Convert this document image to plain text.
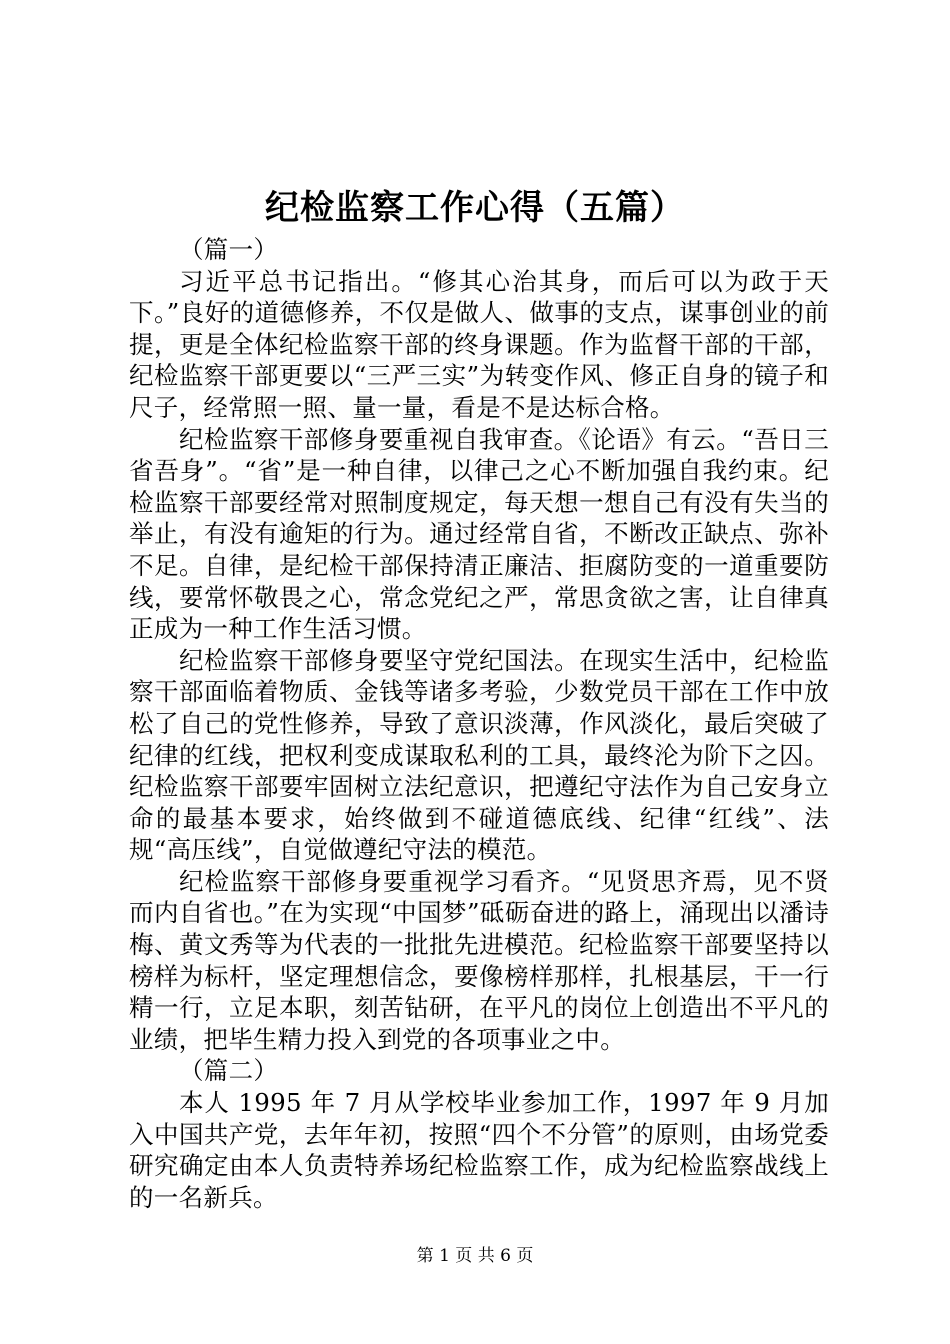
纪检监察工作心得（五篇）

（篇一）

习近平总书记指出。“修其心治其身，而后可以为政于天下。”良好的道德修养，不仅是做人、做事的支点，谋事创业的前提，更是全体纪检监察干部的终身课题。作为监督干部的干部，纪检监察干部更要以“三严三实”为转变作风、修正自身的镜子和尺子，经常照一照、量一量，看是不是达标合格。

纪检监察干部修身要重视自我审查。《论语》有云。“吾日三省吾身”。“省”是一种自律，以律己之心不断加强自我约束。纪检监察干部要经常对照制度规定，每天想一想自己有没有失当的举止，有没有逾矩的行为。通过经常自省，不断改正缺点、弥补不足。自律，是纪检干部保持清正廉洁、拒腐防变的一道重要防线，要常怀敬畏之心，常念党纪之严，常思贪欲之害，让自律真正成为一种工作生活习惯。

纪检监察干部修身要坚守党纪国法。在现实生活中，纪检监察干部面临着物质、金钱等诸多考验，少数党员干部在工作中放松了自己的党性修养，导致了意识淡薄，作风淡化，最后突破了纪律的红线，把权利变成谋取私利的工具，最终沦为阶下之囚。纪检监察干部要牢固树立法纪意识，把遵纪守法作为自己安身立命的最基本要求，始终做到不碰道德底线、纪律“红线”、法规“高压线”，自觉做遵纪守法的模范。

纪检监察干部修身要重视学习看齐。“见贤思齐焉，见不贤而内自省也。”在为实现“中国梦”砥砺奋进的路上，涌现出以潘诗梅、黄文秀等为代表的一批批先进模范。纪检监察干部要坚持以榜样为标杆，坚定理想信念，要像榜样那样，扎根基层，干一行精一行，立足本职，刻苦钻研，在平凡的岗位上创造出不平凡的业绩，把毕生精力投入到党的各项事业之中。

（篇二）

本人 1995 年 7 月从学校毕业参加工作，1997 年 9 月加入中国共产党，去年年初，按照“四个不分管”的原则，由场党委研究确定由本人负责特养场纪检监察工作，成为纪检监察战线上的一名新兵。

第 1 页 共 6 页
